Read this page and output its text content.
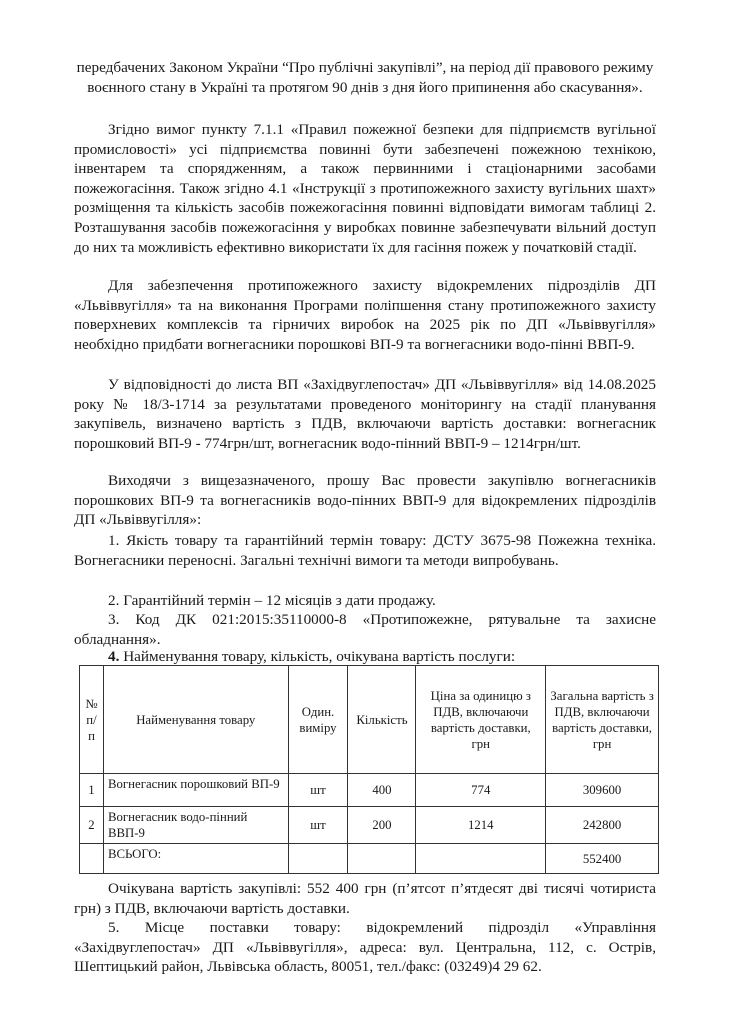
передбачених Законом України “Про публічні закупівлі”, на період дії правового режиму воєнного стану в Україні та протягом 90 днів з дня його припинення або скасування».

Згідно вимог пункту 7.1.1 «Правил пожежної безпеки для підприємств вугільної промисловості» усі підприємства повинні бути забезпечені пожежною технікою, інвентарем та спорядженням, а також первинними і стаціонарними засобами пожежогасіння. Також згідно 4.1 «Інструкції з протипожежного захисту вугільних шахт» розміщення та кількість засобів пожежогасіння повинні відповідати вимогам таблиці 2. Розташування засобів пожежогасіння у виробках повинне забезпечувати вільний доступ до них та можливість ефективно використати їх для гасіння пожеж у початковій стадії.

Для забезпечення протипожежного захисту відокремлених підрозділів ДП «Львіввугілля» та на виконання Програми поліпшення стану протипожежного захисту поверхневих комплексів та гірничих виробок на 2025 рік по ДП «Львіввугілля» необхідно придбати вогнегасники порошкові ВП-9 та вогнегасники водо-пінні ВВП-9.

У відповідності до листа ВП «Західвуглепостач» ДП «Львіввугілля» від 14.08.2025 року № 18/3-1714 за результатами проведеного моніторингу на стадії планування закупівель, визначено вартість з ПДВ, включаючи вартість доставки: вогнегасник порошковий ВП-9 - 774грн/шт, вогнегасник водо-пінний ВВП-9 – 1214грн/шт.

Виходячи з вищезазначеного, прошу Вас провести закупівлю вогнегасників порошкових ВП-9 та вогнегасників водо-пінних ВВП-9 для відокремлених підрозділів ДП «Львіввугілля»:

1. Якість товару та гарантійний термін товару: ДСТУ 3675-98 Пожежна техніка. Вогнегасники переносні. Загальні технічні вимоги та методи випробувань.

2. Гарантійний термін – 12 місяців з дати продажу.

3. Код ДК 021:2015:35110000-8 «Протипожежне, рятувальне та захисне обладнання».

4. Найменування товару, кількість, очікувана вартість послуги:

№ п/п	Найменування товару	Один. виміру	Кількість	Ціна за одиницю з ПДВ, включаючи вартість доставки, грн	Загальна вартість з ПДВ, включаючи вартість доставки, грн
1	Вогнегасник порошковий ВП-9	шт	400	774	309600
2	Вогнегасник водо-пінний ВВП-9	шт	200	1214	242800
	ВСЬОГО:				552400

Очікувана вартість закупівлі: 552 400 грн (п’ятсот п’ятдесят дві тисячі чотириста грн) з ПДВ, включаючи вартість доставки.

5. Місце поставки товару: відокремлений підрозділ «Управління «Західвуглепостач» ДП «Львіввугілля», адреса: вул. Центральна, 112, с. Острів, Шептицький район, Львівська область, 80051, тел./факс: (03249)4 29 62.
